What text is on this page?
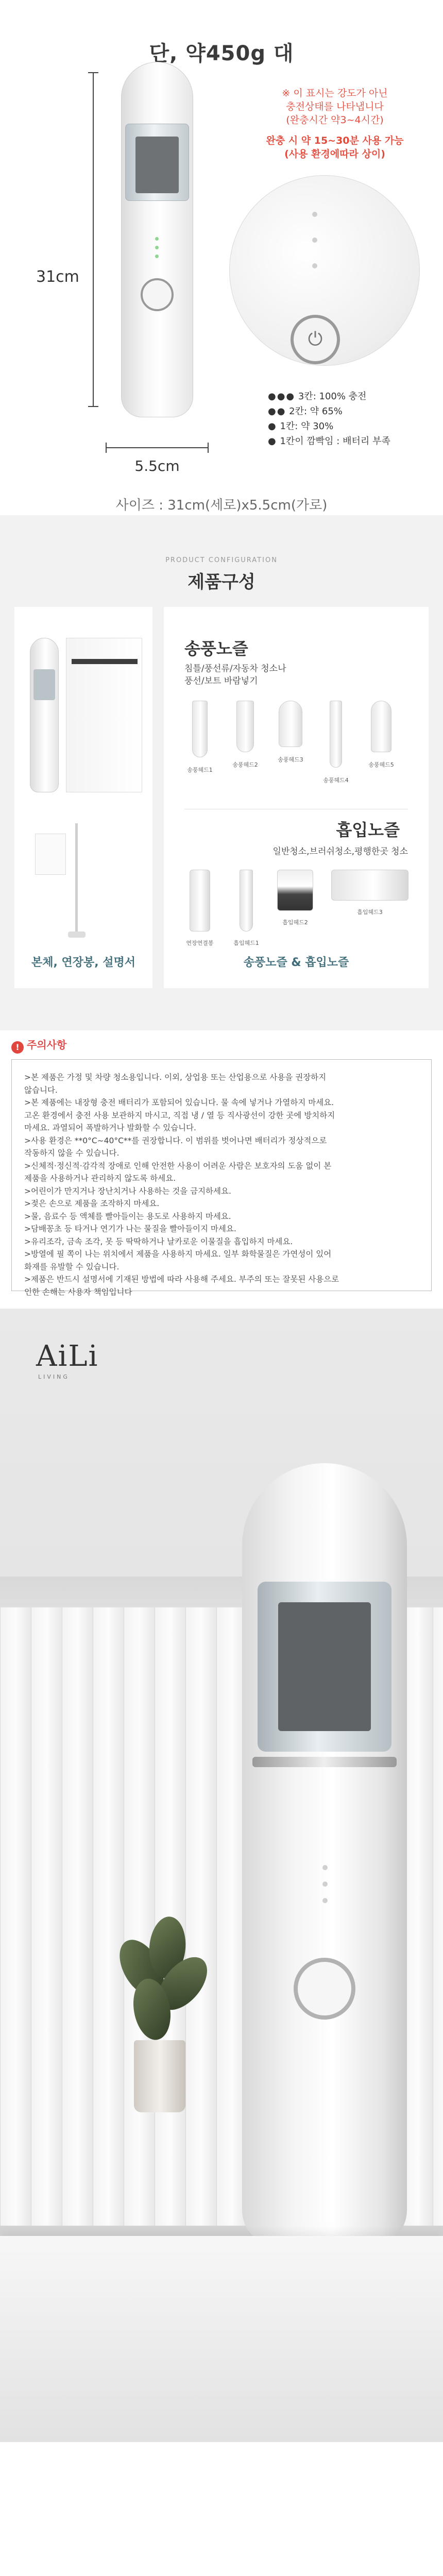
단, 약450g 대
31cm
5.5cm

※ 이 표시는 강도가 아닌

충전상태를 나타냅니다

(완충시간 약3~4시간)

완충 시 약 15~30분 사용 가능

(사용 환경에따라 상이)

⏻
●●● 3칸: 100% 충전
●● 2칸: 약 65%
● 1칸: 약 30%
● 1칸이 깜빡임 : 배터리 부족
사이즈 : 31cm(세로)x5.5cm(가로)
PRODUCT CONFIGURATION
제품구성
본체, 연장봉, 설명서
송풍노즐
침틀/풍선류/자동차 청소나
풍선/보트 바람넣기
송풍헤드1
송풍헤드2
송풍헤드3
송풍헤드4
송풍헤드5
흡입노즐
일반청소,브러쉬청소,평행한곳 청소
연장연결봉	흡입헤드1
흡입헤드2
흡입헤드3
송풍노즐 & 흡입노즐
! 주의사항

>본 제품은 가정 및 차량 청소용입니다. 이외, 상업용 또는 산업용으로 사용을 권장하지

않습니다.

>본 제품에는 내장형 충전 배터리가 포함되어 있습니다. 물 속에 넣거나 가열하지 마세요.

고온 환경에서 충전 사용 보관하지 마시고, 직접 냉 / 열 등 직사광선이 강한 곳에 방치하지

마세요. 과열되어 폭발하거나 발화할 수 있습니다.

>사용 환경은 **0°C~40°C**를 권장합니다. 이 범위를 벗어나면 배터리가 정상적으로

작동하지 않을 수 있습니다.

>신체적·정신적·감각적 장애로 인해 안전한 사용이 어려운 사람은 보호자의 도움 없이 본

제품을 사용하거나 관리하지 않도록 하세요.

>어린이가 만지거나 장난치거나 사용하는 것을 금지하세요.

>젖은 손으로 제품을 조작하지 마세요.

>물, 음료수 등 액체를 빨아들이는 용도로 사용하지 마세요.

>담배꽁초 등 타거나 연기가 나는 물질을 빨아들이지 마세요.

>유리조각, 금속 조각, 못 등 딱딱하거나 날카로운 이물질을 흡입하지 마세요.

>방열에 필 쪽이 나는 위치에서 제품을 사용하지 마세요. 일부 화학물질은 가연성이 있어

화재를 유발할 수 있습니다.

>제품은 반드시 설명서에 기재된 방법에 따라 사용해 주세요. 부주의 또는 잘못된 사용으로

인한 손해는 사용자 책임입니다

AiLi
LIVING
